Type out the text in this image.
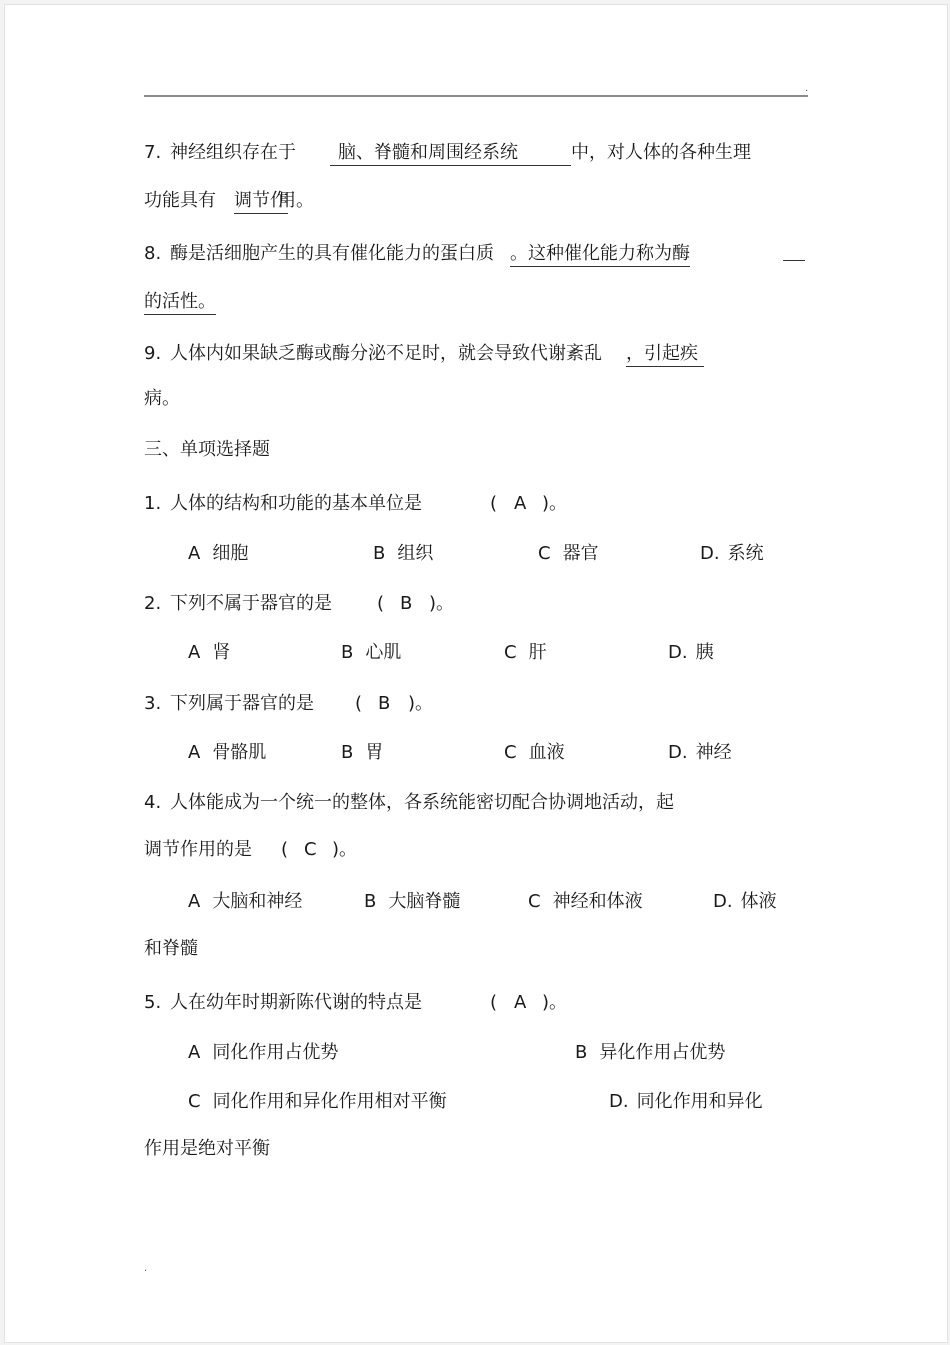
.
7. 神经组织存在于	脑、脊髓和周围经系统	中，对人体的各种生理
功能具有 调节作
用。
8. 酶是活细胞产生的具有催化能力的蛋白质 。这种催化能力称为酶
的活性。
9. 人体内如果缺乏酶或酶分泌不足时，就会导致代谢紊乱 ，引起疾
病。
三、单项选择题
1. 人体的结构和功能的基本单位是	( A )。
A 细胞	B 组织	C 器官	D. 系统
2. 下列不属于器官的是	( B )。
A 肾	B 心肌	C 肝	D. 胰
3. 下列属于器官的是 ( B )。
A 骨骼肌	B 胃	C 血液	D. 神经
4. 人体能成为一个统一的整体，各系统能密切配合协调地活动，起
调节作用的是 ( C )。
A 大脑和神经	B 大脑脊髓	C 神经和体液	D. 体液
和脊髓
5. 人在幼年时期新陈代谢的特点是	( A )。
A 同化作用占优势	B 异化作用占优势
C 同化作用和异化作用相对平衡	D. 同化作用和异化
作用是绝对平衡
.
